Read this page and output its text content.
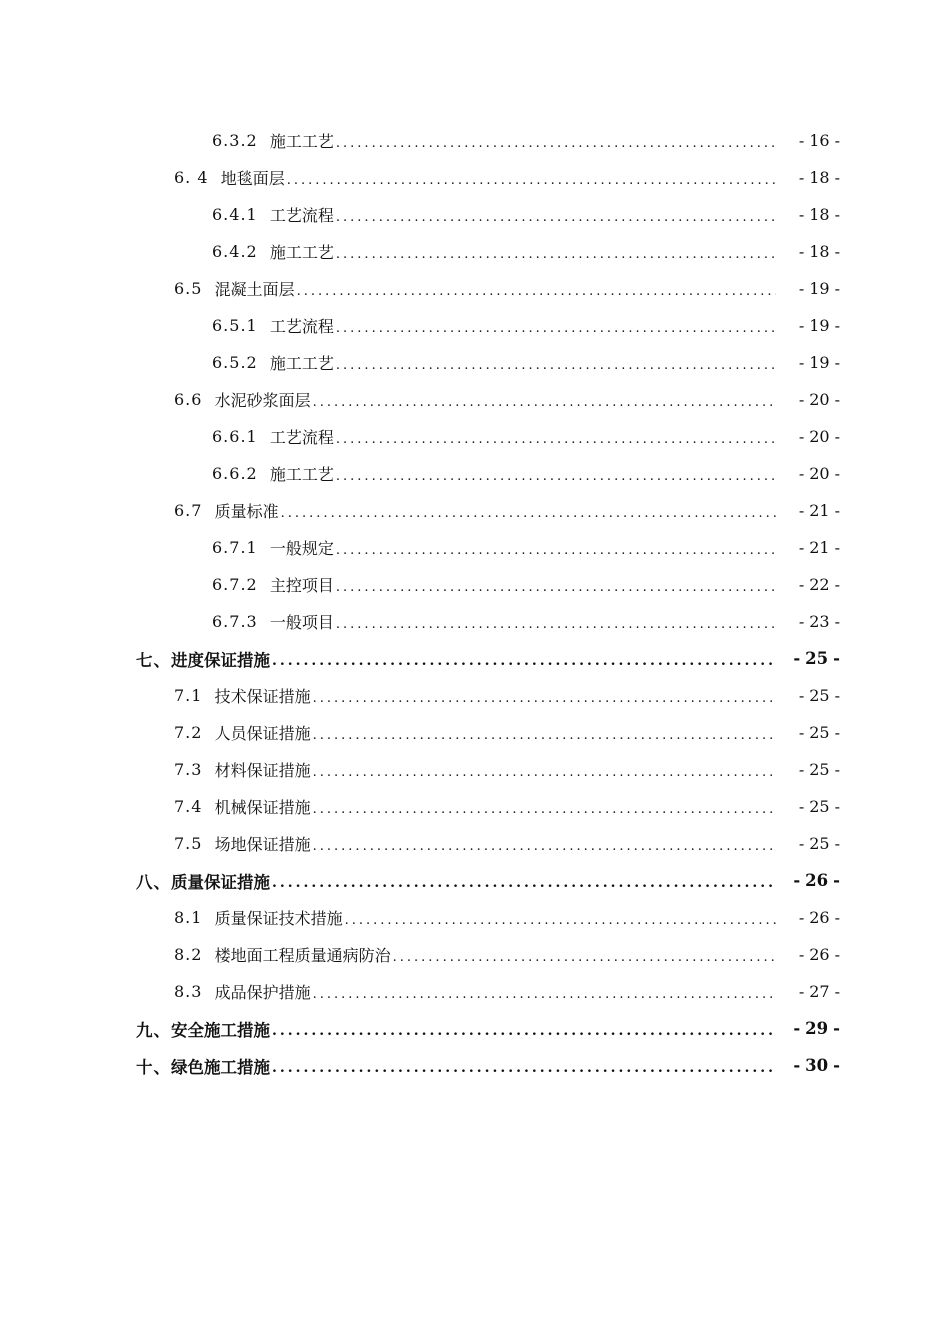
6.3.2 施工工艺 .....	- 16 -
6. 4 地毯面层 .....	- 18 -
6.4.1 工艺流程 .....	- 18 -
6.4.2 施工工艺 .....	- 18 -
6.5 混凝土面层 .....	- 19 -
6.5.1 工艺流程 .....	- 19 -
6.5.2 施工工艺 .....	- 19 -
6.6 水泥砂浆面层 .....	- 20 -
6.6.1 工艺流程 .....	- 20 -
6.6.2 施工工艺 .....	- 20 -
6.7 质量标准 .....	- 21 -
6.7.1 一般规定 .....	- 21 -
6.7.2 主控项目 .....	- 22 -
6.7.3 一般项目 .....	- 23 -
七、 进度保证措施 .....	- 25 -
7.1 技术保证措施 .....	- 25 -
7.2 人员保证措施 .....	- 25 -
7.3 材料保证措施 .....	- 25 -
7.4 机械保证措施 .....	- 25 -
7.5 场地保证措施 .....	- 25 -
八、 质量保证措施 .....	- 26 -
8.1 质量保证技术措施 .....	- 26 -
8.2 楼地面工程质量通病防治 .....	- 26 -
8.3 成品保护措施 .....	- 27 -
九、 安全施工措施 .....	- 29 -
十、 绿色施工措施 .....	- 30 -
